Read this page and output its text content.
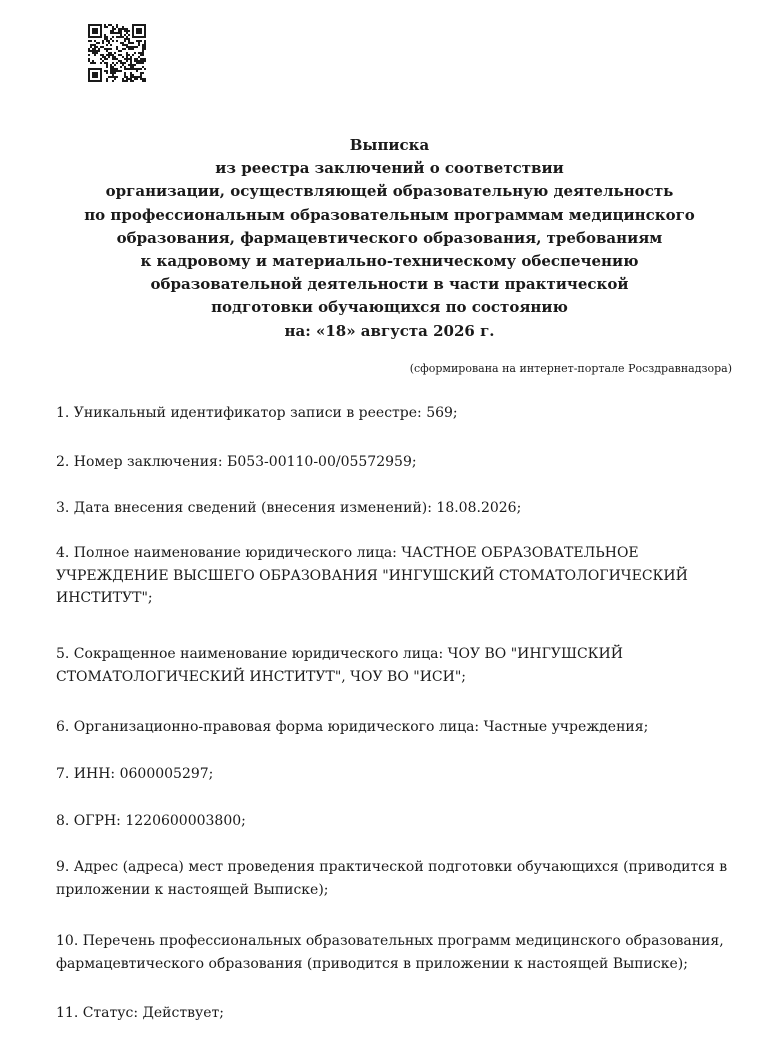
Выписка
из реестра заключений о соответствии
организации, осуществляющей образовательную деятельность
по профессиональным образовательным программам медицинского
образования, фармацевтического образования, требованиям
к кадровому и материально-техническому обеспечению
образовательной деятельности в части практической
подготовки обучающихся по состоянию
на: «18» августа 2026 г.
(сформирована на интернет-портале Росздравнадзора)
1. Уникальный идентификатор записи в реестре: 569;
2. Номер заключения: Б053-00110-00/05572959;
3. Дата внесения сведений (внесения изменений): 18.08.2026;
4. Полное наименование юридического лица: ЧАСТНОЕ ОБРАЗОВАТЕЛЬНОЕ
УЧРЕЖДЕНИЕ ВЫСШЕГО ОБРАЗОВАНИЯ "ИНГУШСКИЙ СТОМАТОЛОГИЧЕСКИЙ
ИНСТИТУТ";
5. Сокращенное наименование юридического лица: ЧОУ ВО "ИНГУШСКИЙ
СТОМАТОЛОГИЧЕСКИЙ ИНСТИТУТ", ЧОУ ВО "ИСИ";
6. Организационно-правовая форма юридического лица: Частные учреждения;
7. ИНН: 0600005297;
8. ОГРН: 1220600003800;
9. Адрес (адреса) мест проведения практической подготовки обучающихся (приводится в
приложении к настоящей Выписке);
10. Перечень профессиональных образовательных программ медицинского образования,
фармацевтического образования (приводится в приложении к настоящей Выписке);
11. Статус: Действует;
